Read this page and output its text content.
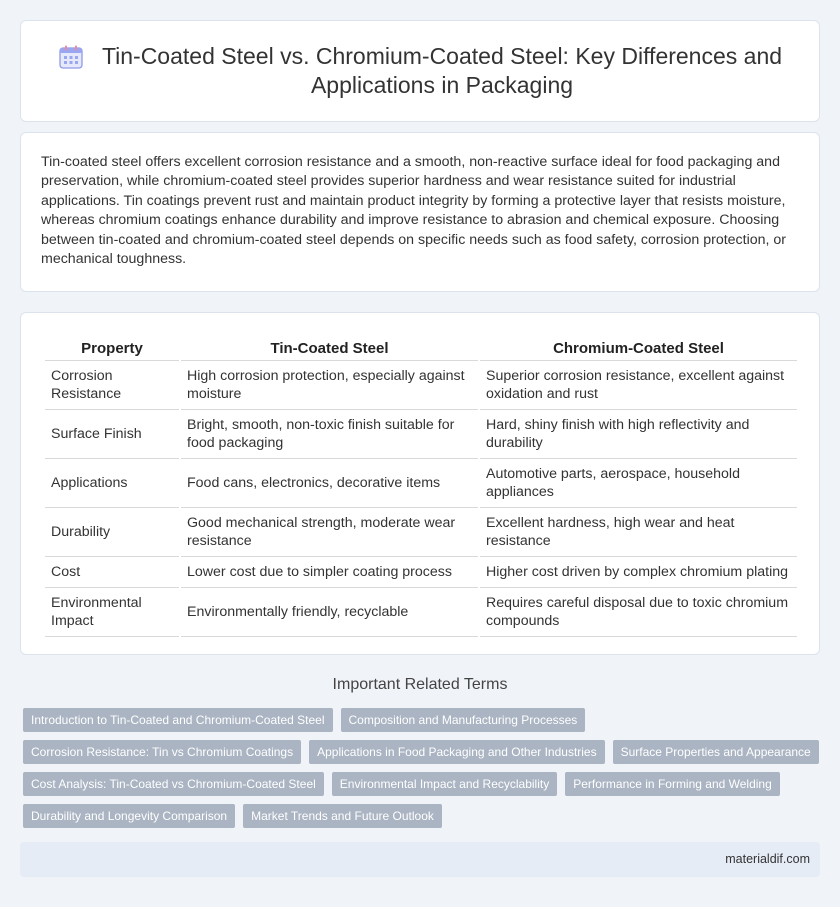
Tin-Coated Steel vs. Chromium-Coated Steel: Key Differences and
Applications in Packaging

Tin-coated steel offers excellent corrosion resistance and a smooth, non-reactive surface ideal for food packaging and preservation, while chromium-coated steel provides superior hardness and wear resistance suited for industrial applications. Tin coatings prevent rust and maintain product integrity by forming a protective layer that resists moisture, whereas chromium coatings enhance durability and improve resistance to abrasion and chemical exposure. Choosing between tin-coated and chromium-coated steel depends on specific needs such as food safety, corrosion protection, or mechanical toughness.

Property	Tin-Coated Steel	Chromium-Coated Steel
Corrosion Resistance	High corrosion protection, especially against moisture	Superior corrosion resistance, excellent against oxidation and rust
Surface Finish	Bright, smooth, non-toxic finish suitable for food packaging	Hard, shiny finish with high reflectivity and durability
Applications	Food cans, electronics, decorative items	Automotive parts, aerospace, household appliances
Durability	Good mechanical strength, moderate wear resistance	Excellent hardness, high wear and heat resistance
Cost	Lower cost due to simpler coating process	Higher cost driven by complex chromium plating
Environmental Impact	Environmentally friendly, recyclable	Requires careful disposal due to toxic chromium compounds
Important Related Terms
Introduction to Tin-Coated and Chromium-Coated Steel	Composition and Manufacturing Processes
Corrosion Resistance: Tin vs Chromium Coatings	Applications in Food Packaging and Other Industries	Surface Properties and Appearance
Cost Analysis: Tin-Coated vs Chromium-Coated Steel	Environmental Impact and Recyclability	Performance in Forming and Welding
Durability and Longevity Comparison	Market Trends and Future Outlook
materialdif.com
